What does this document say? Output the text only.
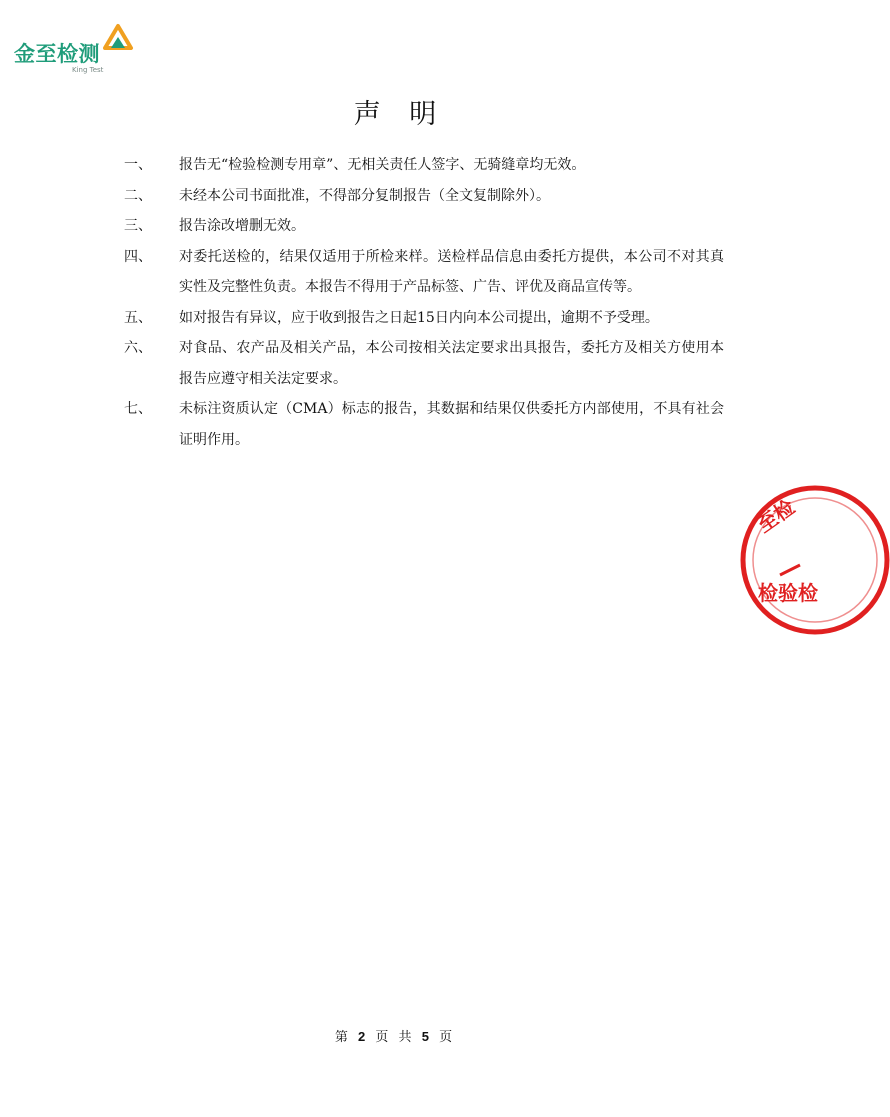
金至检测
King Test
声 明
一、	报告无“检验检测专用章”、无相关责任人签字、无骑缝章均无效。
二、	未经本公司书面批准，不得部分复制报告（全文复制除外）。
三、	报告涂改增删无效。
四、	对委托送检的，结果仅适用于所检来样。送检样品信息由委托方提供，本公司不对其真实性及完整性负责。本报告不得用于产品标签、广告、评优及商品宣传等。
五、	如对报告有异议，应于收到报告之日起15日内向本公司提出，逾期不予受理。
六、	对食品、农产品及相关产品，本公司按相关法定要求出具报告，委托方及相关方使用本报告应遵守相关法定要求。
七、	未标注资质认定（CMA）标志的报告，其数据和结果仅供委托方内部使用，不具有社会证明作用。
至检
检验检
第 2 页 共 5 页
